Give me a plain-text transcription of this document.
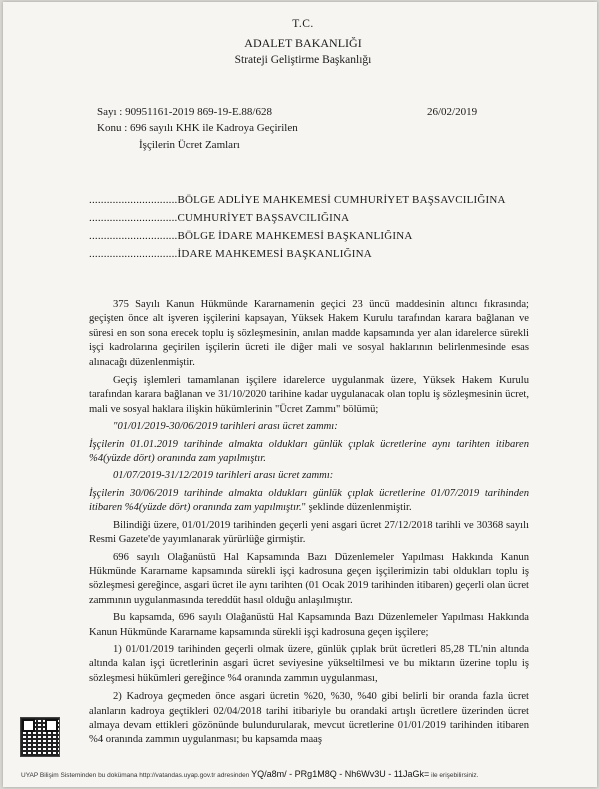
T.C.
ADALET BAKANLIĞI
Strateji Geliştirme Başkanlığı
Sayı : 90951161-2019 869-19-E.88/628	26/02/2019
Konu : 696 sayılı KHK ile Kadroya Geçirilen
İşçilerin Ücret Zamları
..............................BÖLGE ADLİYE MAHKEMESİ CUMHURİYET BAŞSAVCILIĞINA
..............................CUMHURİYET BAŞSAVCILIĞINA
..............................BÖLGE İDARE MAHKEMESİ BAŞKANLIĞINA
..............................İDARE MAHKEMESİ BAŞKANLIĞINA

375 Sayılı Kanun Hükmünde Kararnamenin geçici 23 üncü maddesinin altıncı fıkrasında; geçişten önce alt işveren işçilerini kapsayan, Yüksek Hakem Kurulu tarafından karara bağlanan ve süresi en son sona erecek toplu iş sözleşmesinin, anılan madde kapsamında yer alan idarelerce sürekli işçi kadrolarına geçirilen işçilerin ücreti ile diğer mali ve sosyal haklarının belirlenmesinde esas alınacağı düzenlenmiştir.

Geçiş işlemleri tamamlanan işçilere idarelerce uygulanmak üzere, Yüksek Hakem Kurulu tarafından karara bağlanan ve 31/10/2020 tarihine kadar uygulanacak olan toplu iş sözleşmesinin ücret, mali ve sosyal haklara ilişkin hükümlerinin "Ücret Zammı" bölümü;

"01/01/2019-30/06/2019 tarihleri arası ücret zammı:

İşçilerin 01.01.2019 tarihinde almakta oldukları günlük çıplak ücretlerine aynı tarihten itibaren %4(yüzde dört) oranında zam yapılmıştır.

01/07/2019-31/12/2019 tarihleri arası ücret zammı:

İşçilerin 30/06/2019 tarihinde almakta oldukları günlük çıplak ücretlerine 01/07/2019 tarihinden itibaren %4(yüzde dört) oranında zam yapılmıştır." şeklinde düzenlenmiştir.

Bilindiği üzere, 01/01/2019 tarihinden geçerli yeni asgari ücret 27/12/2018 tarihli ve 30368 sayılı Resmi Gazete'de yayımlanarak yürürlüğe girmiştir.

696 sayılı Olağanüstü Hal Kapsamında Bazı Düzenlemeler Yapılması Hakkında Kanun Hükmünde Kararname kapsamında sürekli işçi kadrosuna geçen işçilerimizin tabi oldukları toplu iş sözleşmesi gereğince, asgari ücret ile aynı tarihten (01 Ocak 2019 tarihinden itibaren) geçerli olan ücret zammının uygulanmasında tereddüt hasıl olduğu anlaşılmıştır.

Bu kapsamda, 696 sayılı Olağanüstü Hal Kapsamında Bazı Düzenlemeler Yapılması Hakkında Kanun Hükmünde Kararname kapsamında sürekli işçi kadrosuna geçen işçilere;

1) 01/01/2019 tarihinden geçerli olmak üzere, günlük çıplak brüt ücretleri 85,28 TL'nin altında altında kalan işçi ücretlerinin asgari ücret seviyesine yükseltilmesi ve bu miktarın üzerine toplu iş sözleşmesi hükümleri gereğince %4 oranında zammın uygulanması,

2) Kadroya geçmeden önce asgari ücretin %20, %30, %40 gibi belirli bir oranda fazla ücret alanların kadroya geçtikleri 02/04/2018 tarihi itibariyle bu orandaki artışlı ücretlere üzerinden ücret almaya devam ettikleri gözönünde bulundurularak, mevcut ücretlerine 01/01/2019 tarihinden itibaren %4 oranında zammın uygulanması; bu kapsamda maaş

UYAP Bilişim Sisteminden bu dokümana http://vatandas.uyap.gov.tr adresinden YQ/a8m/ - PRg1M8Q - Nh6Wv3U - 11JaGk= ile erişebilirsiniz.
